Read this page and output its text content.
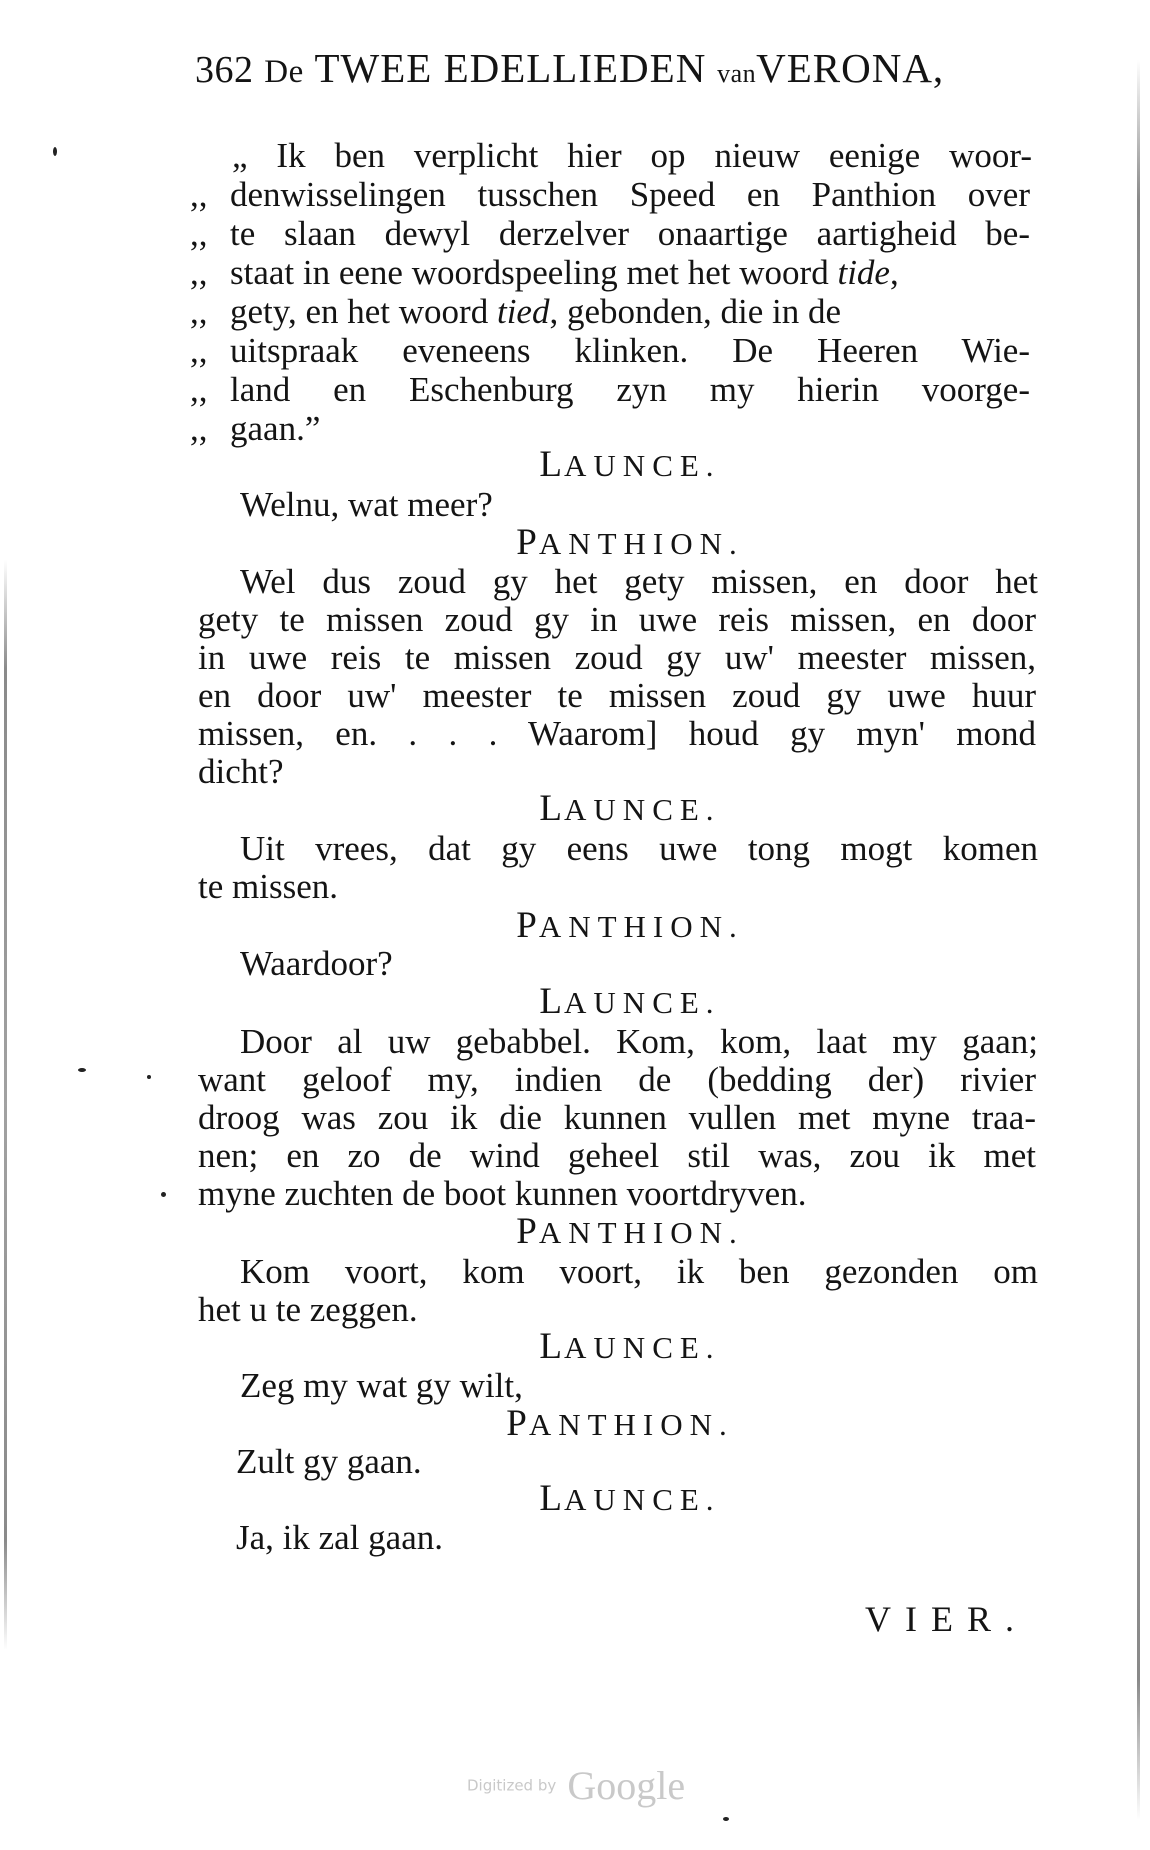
362 De TWEE EDELLIEDEN vanVERONA,
„ Ik ben verplicht hier op nieuw eenige woor-
,, denwisselingen tusschen Speed en Panthion over
,, te slaan dewyl derzelver onaartige aartigheid be-
,, staat in eene woordspeeling met het woord tide,
,, gety, en het woord tied, gebonden, die in de
,, uitspraak eveneens klinken. De Heeren Wie-
,, land en Eschenburg zyn my hierin voorge-
,, gaan.”
LAUNCE.
Welnu, wat meer?
PANTHION.
Wel dus zoud gy het gety missen, en door het
gety te missen zoud gy in uwe reis missen, en door
in uwe reis te missen zoud gy uw' meester missen,
en door uw' meester te missen zoud gy uwe huur
missen, en. . . . Waarom] houd gy myn' mond
dicht?
LAUNCE.
Uit vrees, dat gy eens uwe tong mogt komen
te missen.
PANTHION.
Waardoor?
LAUNCE.
Door al uw gebabbel. Kom, kom, laat my gaan;
want geloof my, indien de (bedding der) rivier
droog was zou ik die kunnen vullen met myne traa-
nen; en zo de wind geheel stil was, zou ik met
myne zuchten de boot kunnen voortdryven.
PANTHION.
Kom voort, kom voort, ik ben gezonden om
het u te zeggen.
LAUNCE.
Zeg my wat gy wilt,
PANTHION.
Zult gy gaan.
LAUNCE.
Ja, ik zal gaan.
VIER.
Digitized by Google
